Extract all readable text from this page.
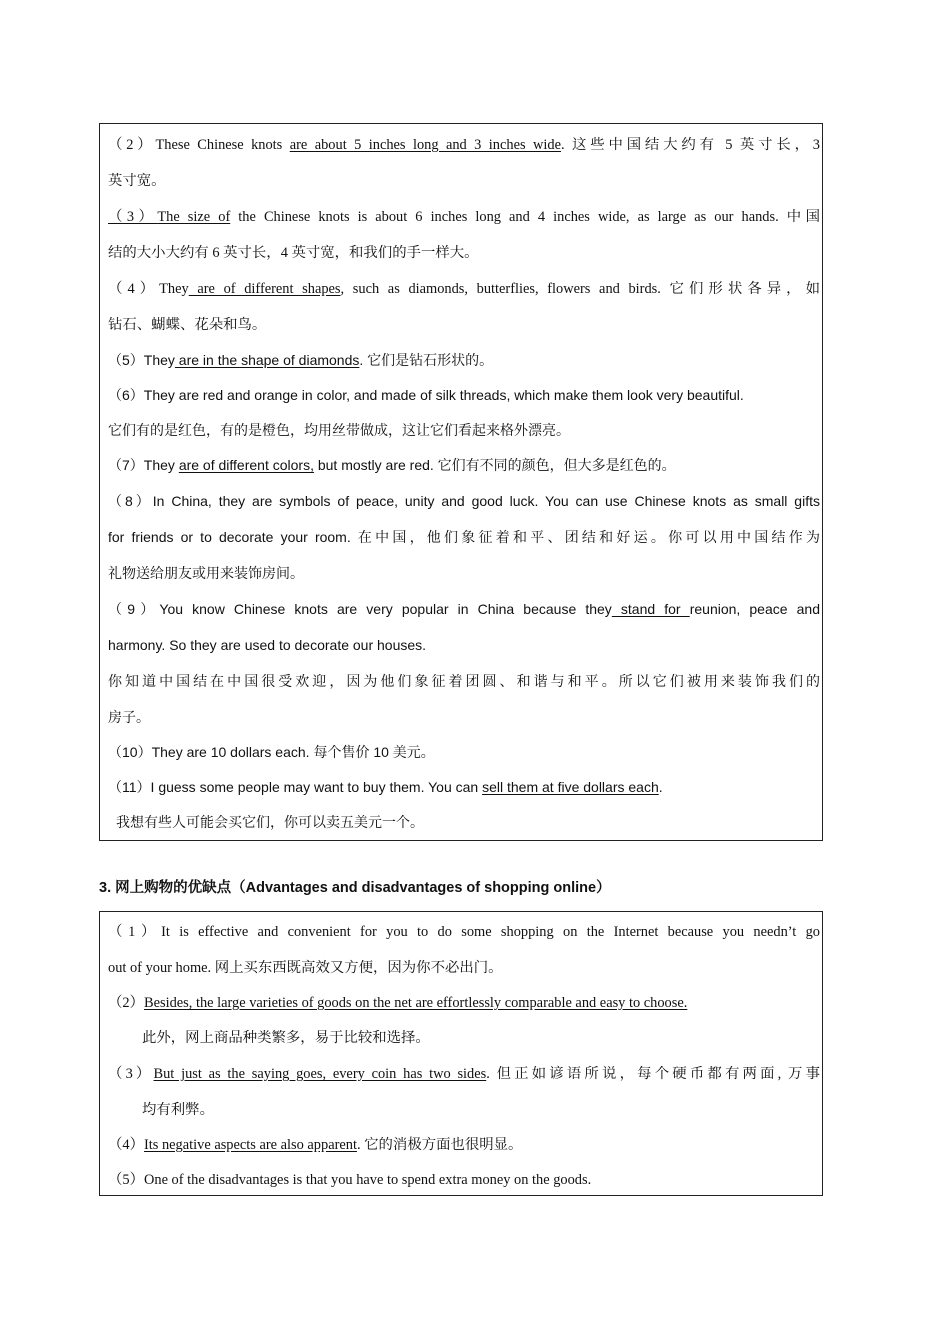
（2）These Chinese knots are about 5 inches long and 3 inches wide. 这些中国结大约有 5 英寸长，3
英寸宽。
（3）The size of the Chinese knots is about 6 inches long and 4 inches wide, as large as our hands. 中国
结的大小大约有 6 英寸长，4 英寸宽，和我们的手一样大。
（4）They are of different shapes, such as diamonds, butterflies, flowers and birds. 它们形状各异，如
钻石、蝴蝶、花朵和鸟。
（5）They are in the shape of diamonds. 它们是钻石形状的。
（6）They are red and orange in color, and made of silk threads, which make them look very beautiful.
它们有的是红色，有的是橙色，均用丝带做成，这让它们看起来格外漂亮。
（7）They are of different colors, but mostly are red. 它们有不同的颜色，但大多是红色的。
（8）In China, they are symbols of peace, unity and good luck. You can use Chinese knots as small gifts
for friends or to decorate your room. 在中国，他们象征着和平、团结和好运。你可以用中国结作为
礼物送给朋友或用来装饰房间。
（9）You know Chinese knots are very popular in China because they stand for reunion, peace and
harmony. So they are used to decorate our houses.
你知道中国结在中国很受欢迎，因为他们象征着团圆、和谐与和平。所以它们被用来装饰我们的
房子。
（10）They are 10 dollars each. 每个售价 10 美元。
（11）I guess some people may want to buy them. You can sell them at five dollars each.
我想有些人可能会买它们，你可以卖五美元一个。
3. 网上购物的优缺点（Advantages and disadvantages of shopping online）
（1）It is effective and convenient for you to do some shopping on the Internet because you needn’t go
out of your home. 网上买东西既高效又方便，因为你不必出门。
（2）Besides, the large varieties of goods on the net are effortlessly comparable and easy to choose.
此外，网上商品种类繁多，易于比较和选择。
（3）But just as the saying goes, every coin has two sides. 但正如谚语所说，每个硬币都有两面, 万事
均有利弊。
（4）Its negative aspects are also apparent. 它的消极方面也很明显。
（5）One of the disadvantages is that you have to spend extra money on the goods.
